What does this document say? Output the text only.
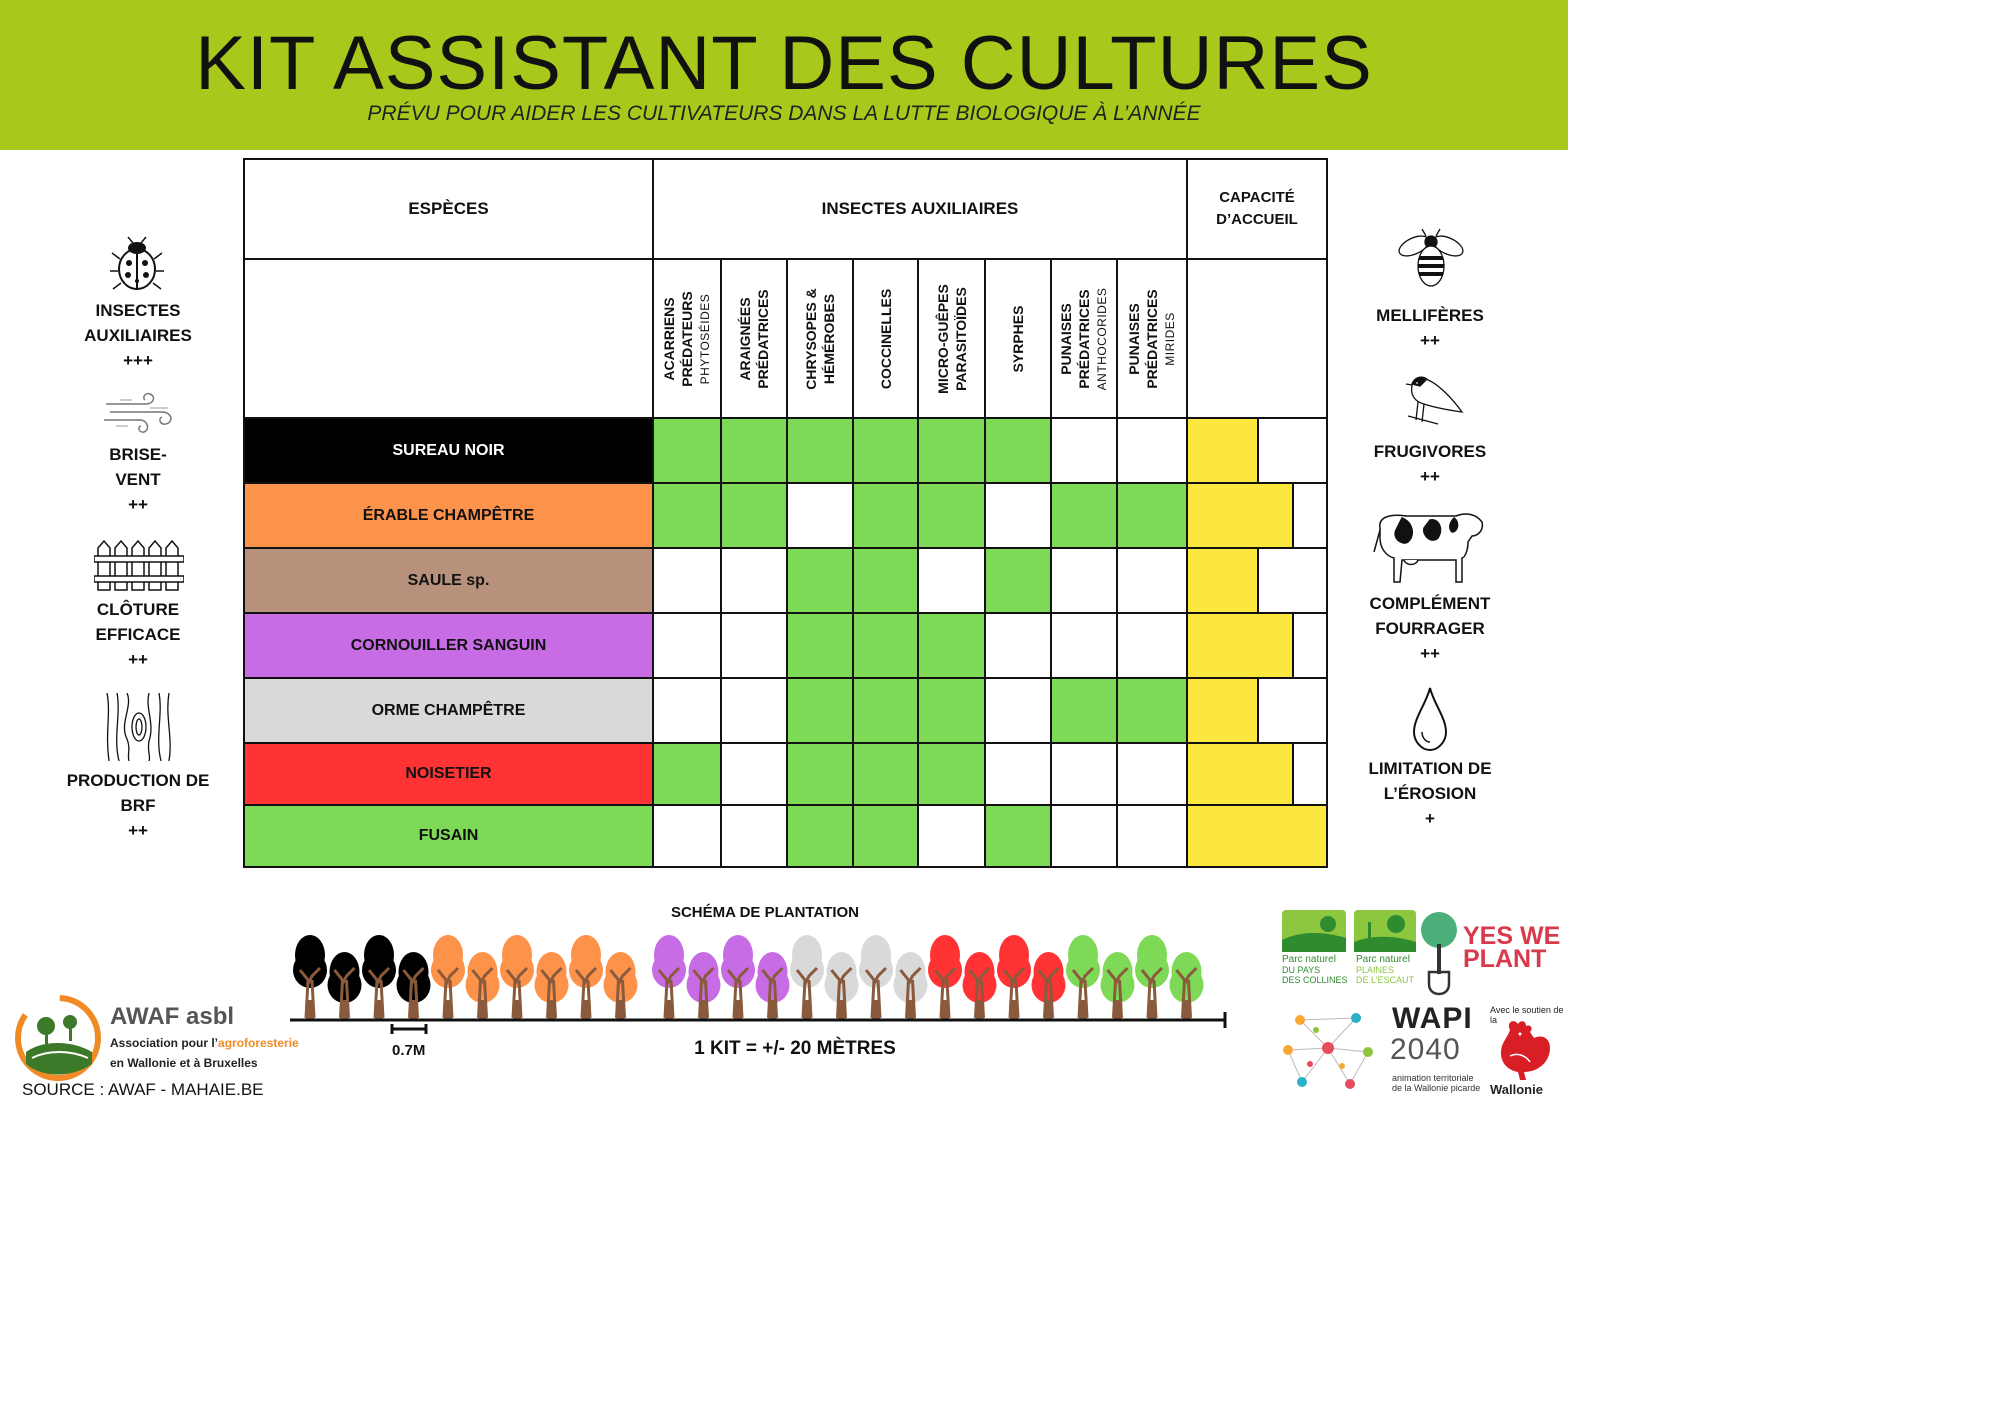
KIT ASSISTANT DES CULTURES
PRÉVU POUR AIDER LES CULTIVATEURS DANS LA LUTTE BIOLOGIQUE À L’ANNÉE
ESPÈCES	INSECTES AUXILIAIRES								CAPACITÉ
D’ACCUEIL

	ACARRIENS PRÉDATEURS PHYTOSÉIDES	ARAIGNÉES PRÉDATRICES	CHRYSOPES & HÉMÉROBES	COCCINELLES	MICRO-GUÊPES PARASITOÏDES	SYRPHES	PUNAISES PRÉDATRICES ANTHOCORIDES	PUNAISES PRÉDATRICES MIRIDES	

SUREAU NOIR									

ÉRABLE CHAMPÊTRE									

SAULE sp.									

CORNOUILLER SANGUIN									

ORME CHAMPÊTRE									

NOISETIER									

FUSAIN									
INSECTES
AUXILIAIRES
+++
BRISE-
VENT
++
CLÔTURE
EFFICACE
++
PRODUCTION DE
BRF
++
MELLIFÈRES
++
FRUGIVORES
++
COMPLÉMENT
FOURRAGER
++
LIMITATION DE
L’ÉROSION
+
SCHÉMA DE PLANTATION
0.7M	1 KIT = +/- 20 MÈTRES
AWAF asbl
Association pour l’agroforesterie
en Wallonie et à Bruxelles
SOURCE : AWAF - MAHAIE.BE
Parc naturel
DU PAYS
DES COLLINES
Parc naturel
PLAINES
DE L’ESCAUT
YES WE
PLANT
WAPI
2040
animation territoriale
de la Wallonie picarde
Avec le soutien de
la
Wallonie
